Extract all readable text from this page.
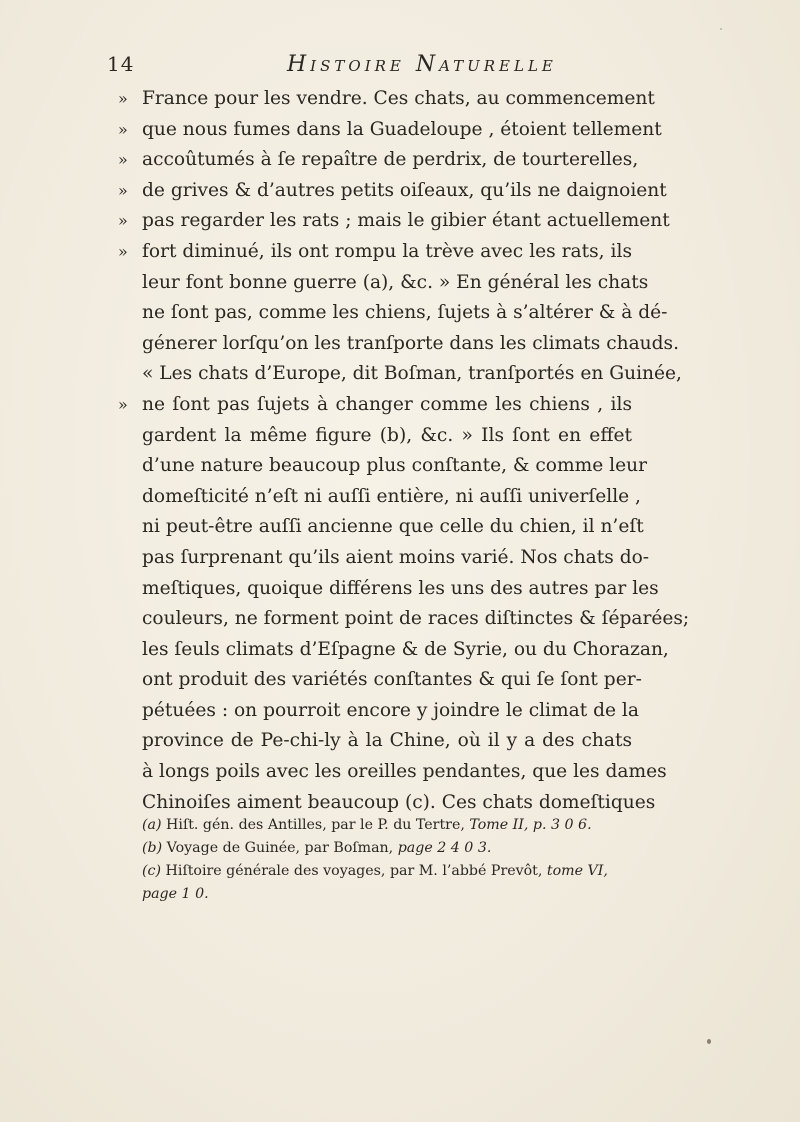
14	Histoire Naturelle
» France pour les vendre. Ces chats, au commencement
» que nous fumes dans la Guadeloupe , étoient tellement
» accoûtumés à ſe repaître de perdrix, de tourterelles,
» de grives & d’autres petits oiſeaux, qu’ils ne daignoient
» pas regarder les rats ; mais le gibier étant actuellement
» fort diminué, ils ont rompu la trève avec les rats, ils
leur font bonne guerre (a), &c. » En général les chats
ne ſont pas, comme les chiens, ſujets à s’altérer & à dé-
génerer lorſqu’on les tranſporte dans les climats chauds.
« Les chats d’Europe, dit Boſman, tranſportés en Guinée,
» ne ſont pas ſujets à changer comme les chiens , ils
gardent la même figure (b), &c. » Ils ſont en effet
d’une nature beaucoup plus conſtante, & comme leur
domeſticité n’eſt ni auſſi entière, ni auſſi univerſelle ,
ni peut-être auſſi ancienne que celle du chien, il n’eſt
pas ſurprenant qu’ils aient moins varié. Nos chats do-
meſtiques, quoique différens les uns des autres par les
couleurs, ne forment point de races diſtinctes & ſéparées;
les ſeuls climats d’Eſpagne & de Syrie, ou du Chorazan,
ont produit des variétés conſtantes & qui ſe ſont per-
pétuées : on pourroit encore y joindre le climat de la
province de Pe-chi-ly à la Chine, où il y a des chats
à longs poils avec les oreilles pendantes, que les dames
Chinoiſes aiment beaucoup (c). Ces chats domeſtiques
(a) Hiſt. gén. des Antilles, par le P. du Tertre, Tome II, p. 3 0 6.
(b) Voyage de Guinée, par Boſman, page 2 4 0 3.
(c) Hiſtoire générale des voyages, par M. l’abbé Prevôt, tome VI,
page 1 0.
